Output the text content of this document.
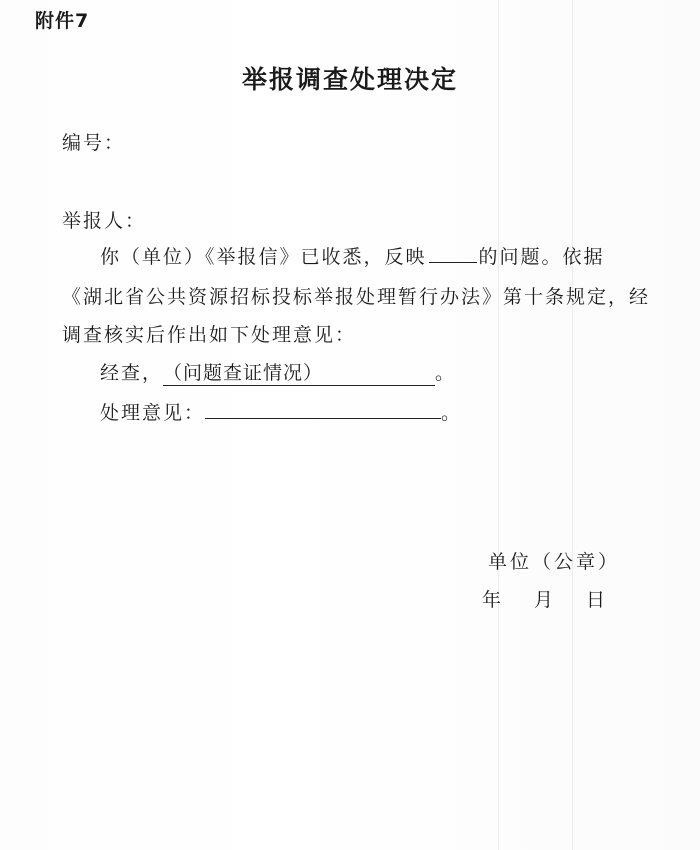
附件7
举报调查处理决定
编号：
举报人：
你（单位）《举报信》已收悉，反映	的问题。依据
《湖北省公共资源招标投标举报处理暂行办法》第十条规定，经
调查核实后作出如下处理意见：
经查，（问题查证情况）	。
处理意见：	。
单位（公章）
年 月 日
